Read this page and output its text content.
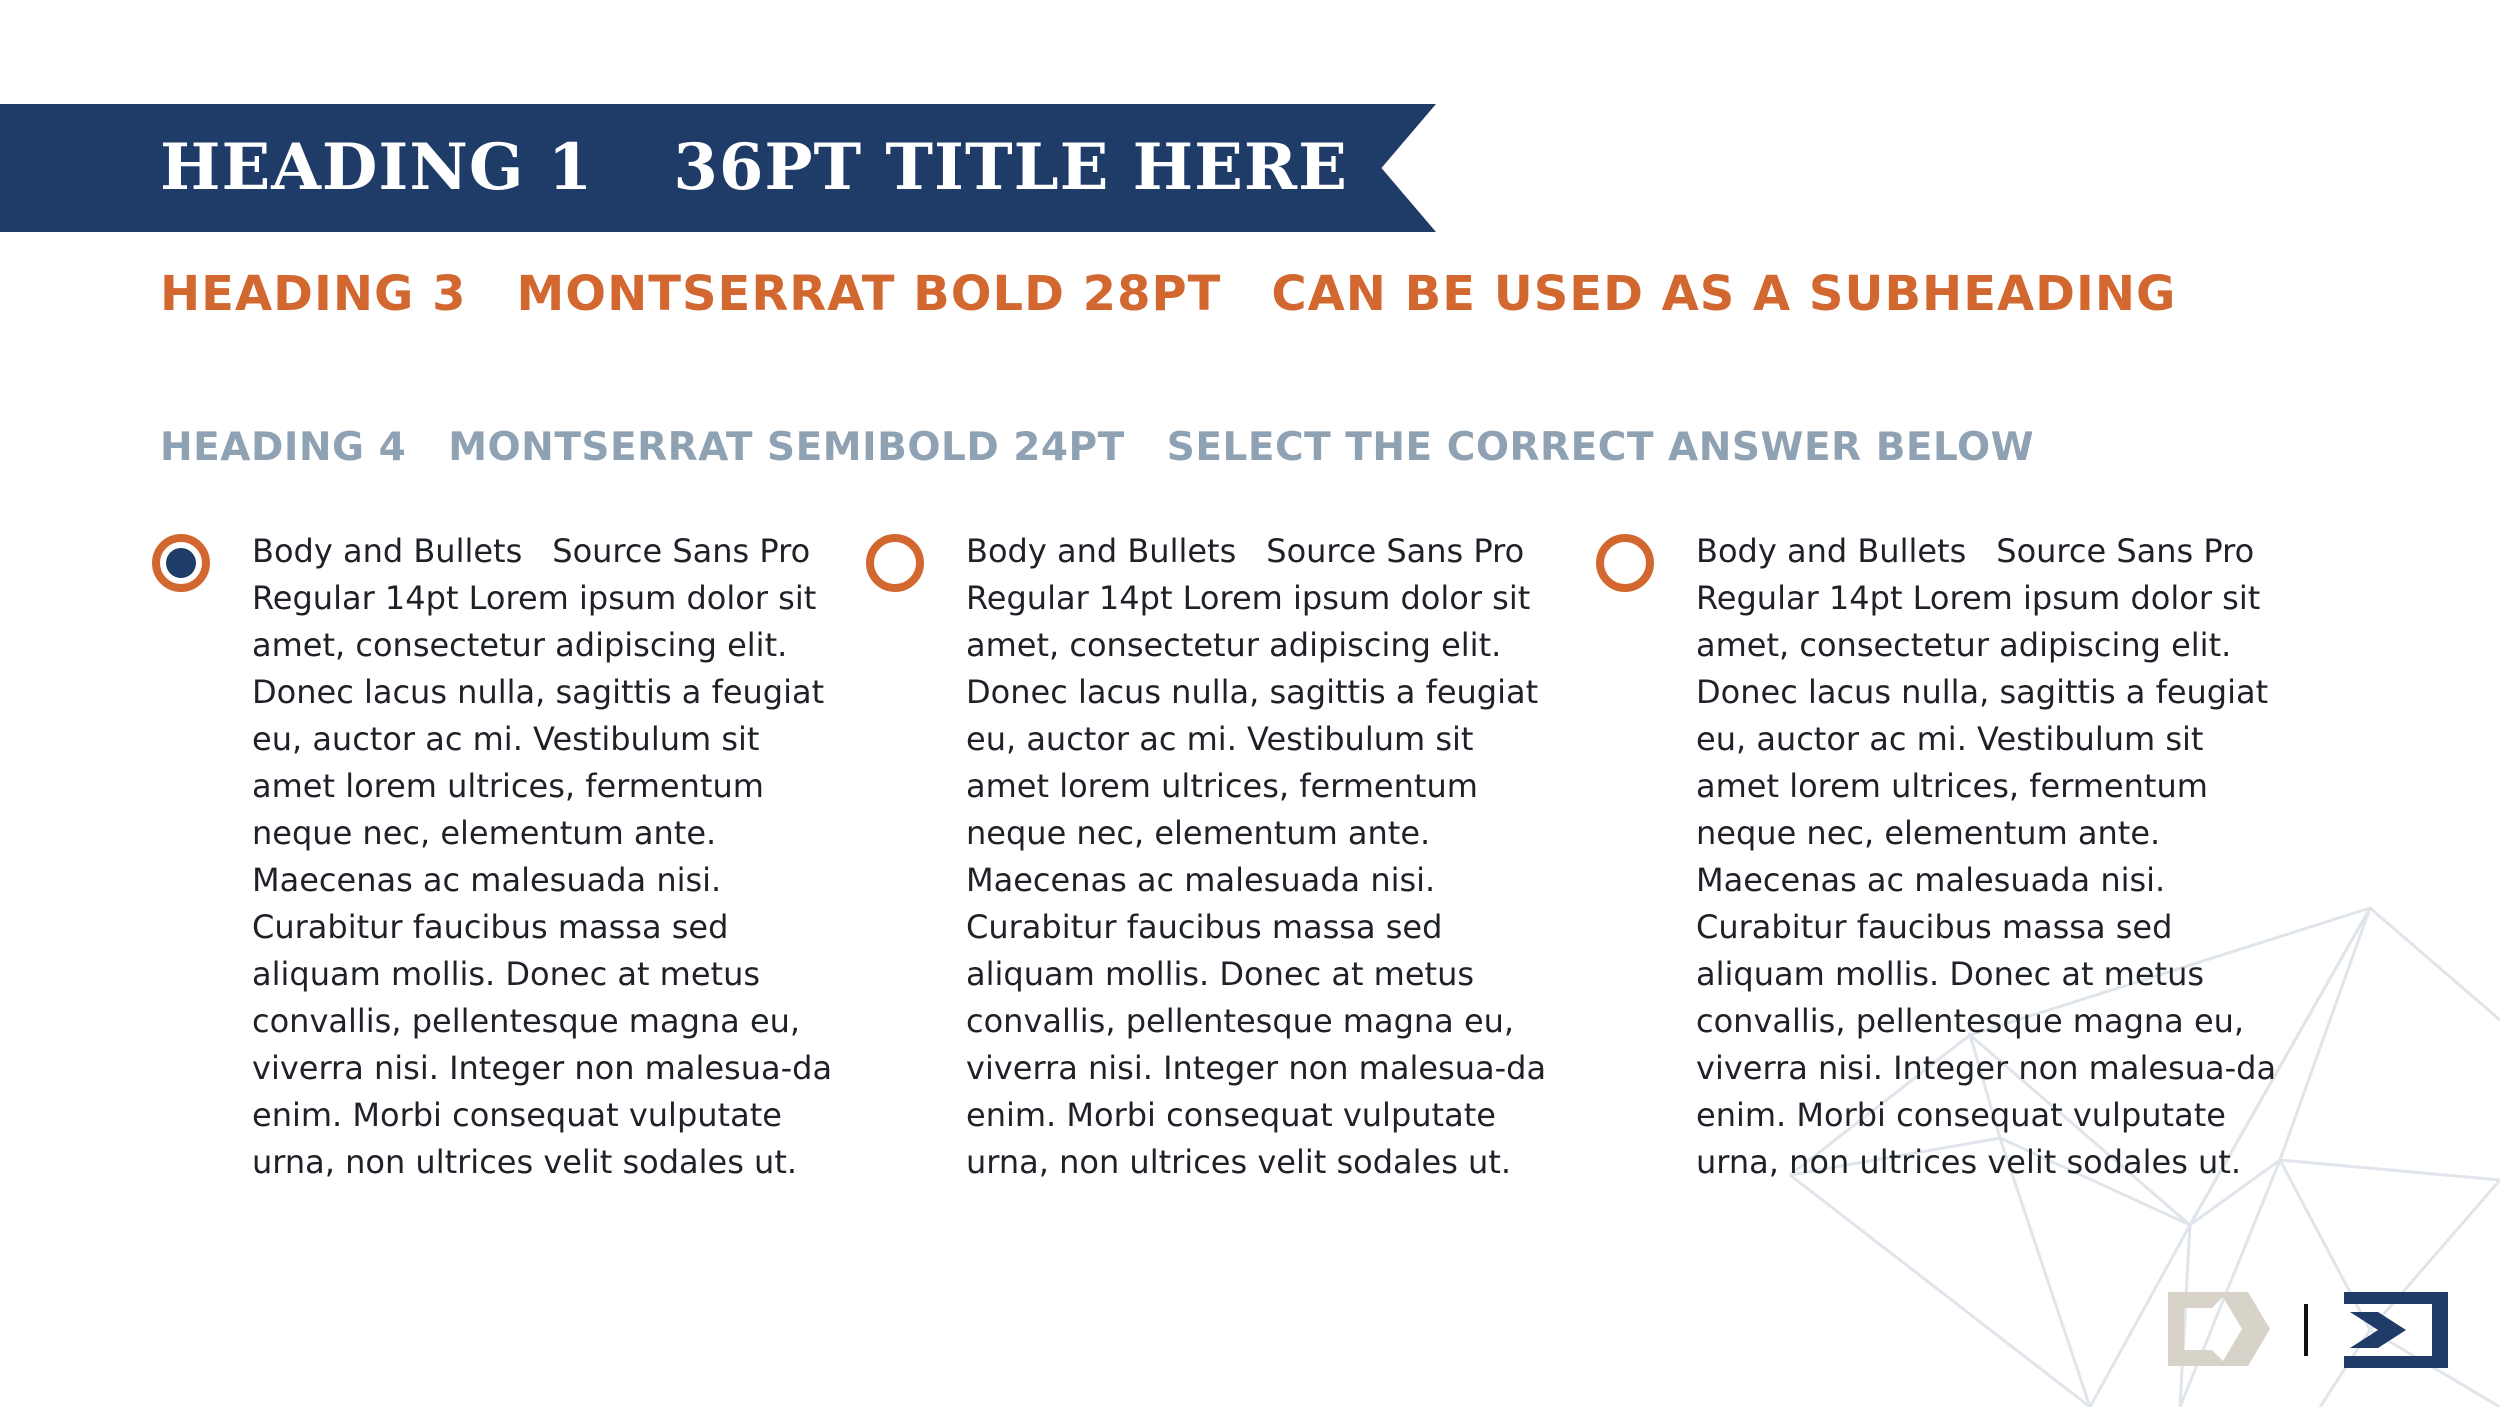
HEADING 1 36PT TITLE HERE
HEADING 3 MONTSERRAT BOLD 28PT CAN BE USED AS A SUBHEADING
HEADING 4 MONTSERRAT SEMIBOLD 24PT SELECT THE CORRECT ANSWER BELOW

Body and Bullets Source Sans Pro Regular 14pt Lorem ipsum dolor sit amet, consectetur adipiscing elit. Donec lacus nulla, sagittis a feugiat eu, auctor ac mi. Vestibulum sit amet lorem ultrices, fermentum neque nec, elementum ante. Maecenas ac malesuada nisi. Curabitur faucibus massa sed aliquam mollis. Donec at metus convallis, pellentesque magna eu, viverra nisi. Integer non malesua-da enim. Morbi consequat vulputate urna, non ultrices velit sodales ut.

Body and Bullets Source Sans Pro Regular 14pt Lorem ipsum dolor sit amet, consectetur adipiscing elit. Donec lacus nulla, sagittis a feugiat eu, auctor ac mi. Vestibulum sit amet lorem ultrices, fermentum neque nec, elementum ante. Maecenas ac malesuada nisi. Curabitur faucibus massa sed aliquam mollis. Donec at metus convallis, pellentesque magna eu, viverra nisi. Integer non malesua-da enim. Morbi consequat vulputate urna, non ultrices velit sodales ut.

Body and Bullets Source Sans Pro Regular 14pt Lorem ipsum dolor sit amet, consectetur adipiscing elit. Donec lacus nulla, sagittis a feugiat eu, auctor ac mi. Vestibulum sit amet lorem ultrices, fermentum neque nec, elementum ante. Maecenas ac malesuada nisi. Curabitur faucibus massa sed aliquam mollis. Donec at metus convallis, pellentesque magna eu, viverra nisi. Integer non malesua-da enim. Morbi consequat vulputate urna, non ultrices velit sodales ut.
